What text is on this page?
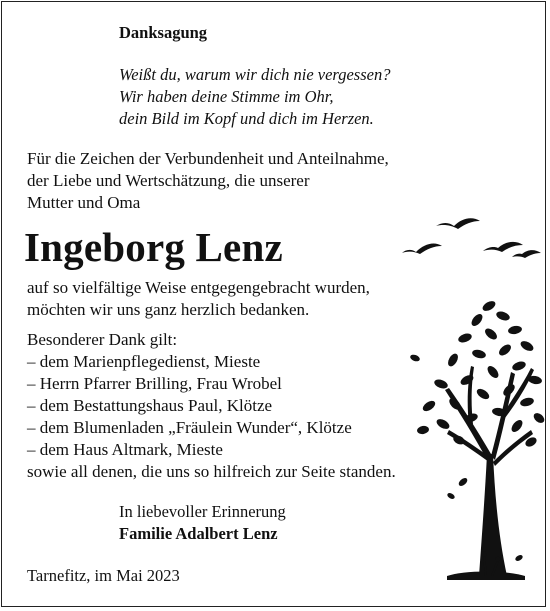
Danksagung
Weißt du, warum wir dich nie vergessen?
Wir haben deine Stimme im Ohr,
dein Bild im Kopf und dich im Herzen.
Für die Zeichen der Verbundenheit und Anteilnahme,
der Liebe und Wertschätzung, die unserer
Mutter und Oma
Ingeborg Lenz
auf so vielfältige Weise entgegengebracht wurden,
möchten wir uns ganz herzlich bedanken.
Besonderer Dank gilt:
– dem Marienpflegedienst, Mieste
– Herrn Pfarrer Brilling, Frau Wrobel
– dem Bestattungshaus Paul, Klötze
– dem Blumenladen „Fräulein Wunder“, Klötze
– dem Haus Altmark, Mieste
sowie all denen, die uns so hilfreich zur Seite standen.
In liebevoller Erinnerung
Familie Adalbert Lenz
Tarnefitz, im Mai 2023
